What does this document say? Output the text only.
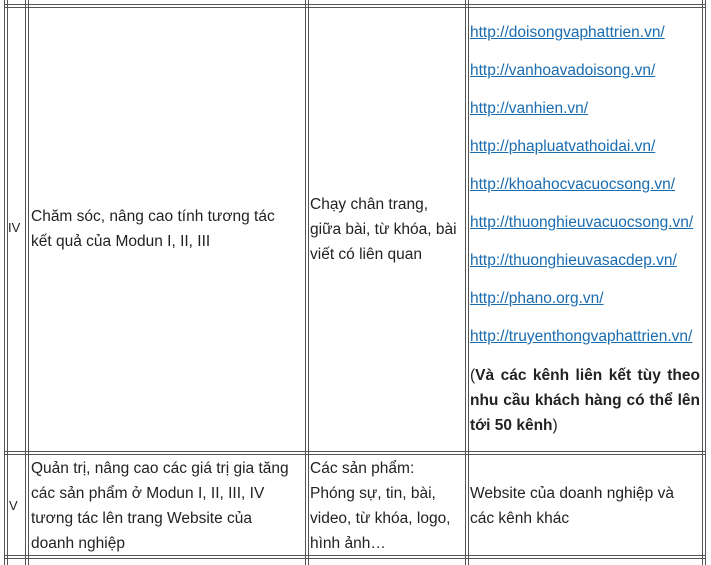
IV
Chăm sóc, nâng cao tính tương tác kết quả của Modun I, II, III
Chạy chân trang, giữa bài, từ khóa, bài viết có liên quan
http://doisongvaphattrien.vn/
http://vanhoavadoisong.vn/
http://vanhien.vn/
http://phapluatvathoidai.vn/
http://khoahocvacuocsong.vn/
http://thuonghieuvacuocsong.vn/
http://thuonghieuvasacdep.vn/
http://phano.org.vn/
http://truyenthongvaphattrien.vn/
(Và các kênh liên kết tùy theo nhu cầu khách hàng có thể lên tới 50 kênh)
V
Quản trị, nâng cao các giá trị gia tăng các sản phẩm ở Modun I, II, III, IV tương tác lên trang Website của doanh nghiệp
Các sản phẩm: Phóng sự, tin, bài, video, từ khóa, logo, hình ảnh…
Website của doanh nghiệp và các kênh khác
